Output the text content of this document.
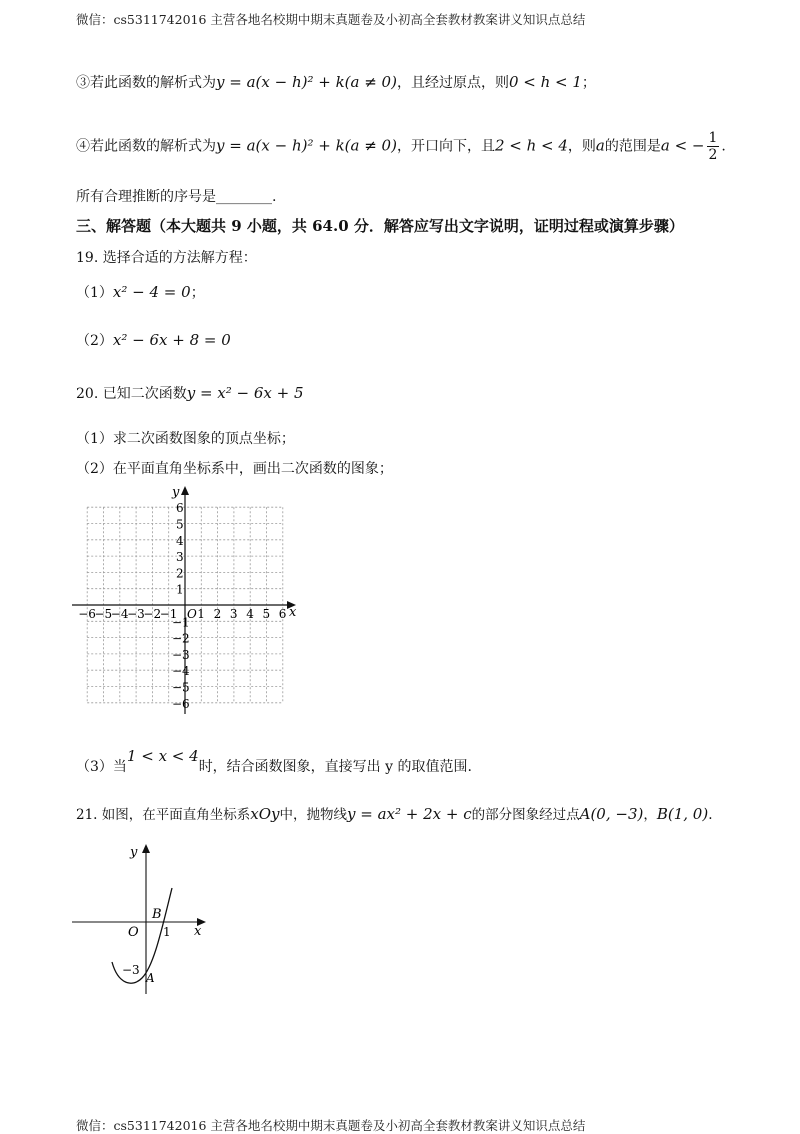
微信：cs5311742016 主营各地名校期中期末真题卷及小初高全套教材教案讲义知识点总结
③若此函数的解析式为y = a(x − h)² + k(a ≠ 0)，且经过原点，则0 < h < 1；
④若此函数的解析式为y = a(x − h)² + k(a ≠ 0)，开口向下，且2 < h < 4，则a的范围是a < − $\frac{1}{2}$ .
所有合理推断的序号是________.
三、解答题（本大题共 9 小题，共 64.0 分．解答应写出文字说明，证明过程或演算步骤）
19. 选择合适的方法解方程：
（1）x² − 4 = 0；
（2）x² − 6x + 8 = 0
20. 已知二次函数y = x² − 6x + 5
（1）求二次函数图象的顶点坐标；
（2）在平面直角坐标系中，画出二次函数的图象；
x
y
O
−6
−5
−4
−3
−2
−1 1 2 3 4 5 6
6
5
4
3
2
1
−1
−2
−3
−4
−5
−6
（3）当1 < x < 4时，结合函数图象，直接写出 y 的取值范围.
21. 如图，在平面直角坐标系xOy中，抛物线y = ax² + 2x + c的部分图象经过点A(0, −3)，B(1, 0).
y
x
O
B
1
−3
A
微信：cs5311742016 主营各地名校期中期末真题卷及小初高全套教材教案讲义知识点总结
